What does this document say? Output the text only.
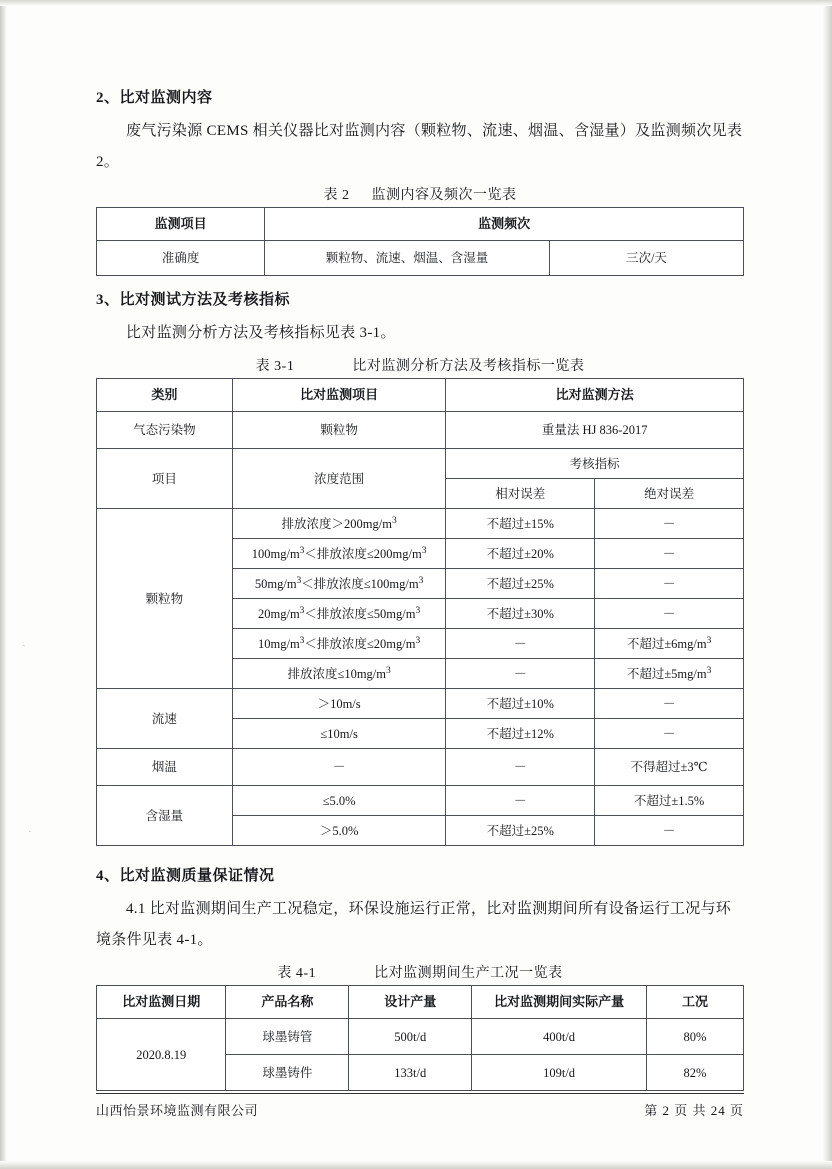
·
·

2、比对监测内容

废气污染源 CEMS 相关仪器比对监测内容（颗粒物、流速、烟温、含湿量）及监测频次见表 2。

表 2 监测内容及频次一览表
监测项目	监测频次	
准确度	颗粒物、流速、烟温、含湿量	三次/天

3、比对测试方法及考核指标

比对监测分析方法及考核指标见表 3-1。

表 3-1	比对监测分析方法及考核指标一览表
类别	比对监测项目	比对监测方法	
气态污染物	颗粒物	重量法 HJ 836-2017	
项目	浓度范围	考核指标	
		相对误差	绝对误差
颗粒物	排放浓度$>200mg/m^3$	不超过±15%	－
	$100mg/m^3<$排放浓度$\le 200mg/m^3$	不超过±20%	－
	$50mg/m^3<$排放浓度$\le 100mg/m^3$	不超过±25%	－
	$20mg/m^3<$排放浓度$\le 50mg/m^3$	不超过±30%	－
	$10mg/m^3<$排放浓度$\le 20mg/m^3$	－	不超过$\pm 6mg/m^3$
	排放浓度$\le 10mg/m^3$	－	不超过$\pm 5mg/m^3$
流速	＞10m/s	不超过±10%	－
	≤10m/s	不超过±12%	－
烟温	－	－	不得超过±3℃
含湿量	≤5.0%	－	不超过±1.5%
	＞5.0%	不超过±25%	－

4、比对监测质量保证情况

4.1 比对监测期间生产工况稳定，环保设施运行正常，比对监测期间所有设备运行工况与环境条件见表 4-1。

表 4-1	比对监测期间生产工况一览表
比对监测日期	产品名称	设计产量	比对监测期间实际产量	工况
2020.8.19	球墨铸管	500t/d	400t/d	80%
	球墨铸件	133t/d	109t/d	82%
山西怡景环境监测有限公司	第 2 页 共 24 页
